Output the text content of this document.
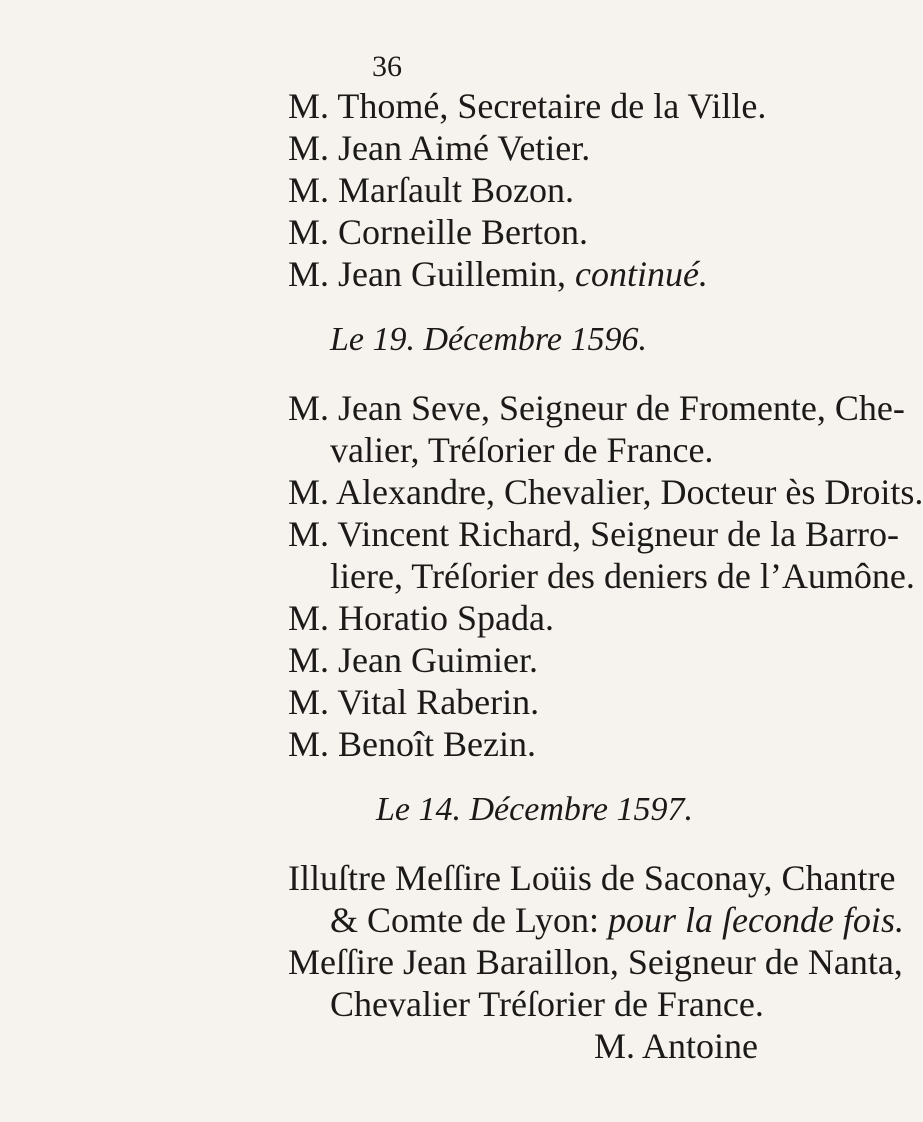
36
M. Thomé, Secretaire de la Ville.
M. Jean Aimé Vetier.
M. Marſault Bozon.
M. Corneille Berton.
M. Jean Guillemin, continué.
Le 19. Décembre 1596.
M. Jean Seve, Seigneur de Fromente, Che-
valier, Tréſorier de France.
M. Alexandre, Chevalier, Docteur ès Droits.
M. Vincent Richard, Seigneur de la Barro-
liere, Tréſorier des deniers de l’Aumône.
M. Horatio Spada.
M. Jean Guimier.
M. Vital Raberin.
M. Benoît Bezin.
Le 14. Décembre 1597.
Illuſtre Meſſire Loüis de Saconay, Chantre
& Comte de Lyon: pour la ſeconde fois.
Meſſire Jean Baraillon, Seigneur de Nanta,
Chevalier Tréſorier de France.
M. Antoine
